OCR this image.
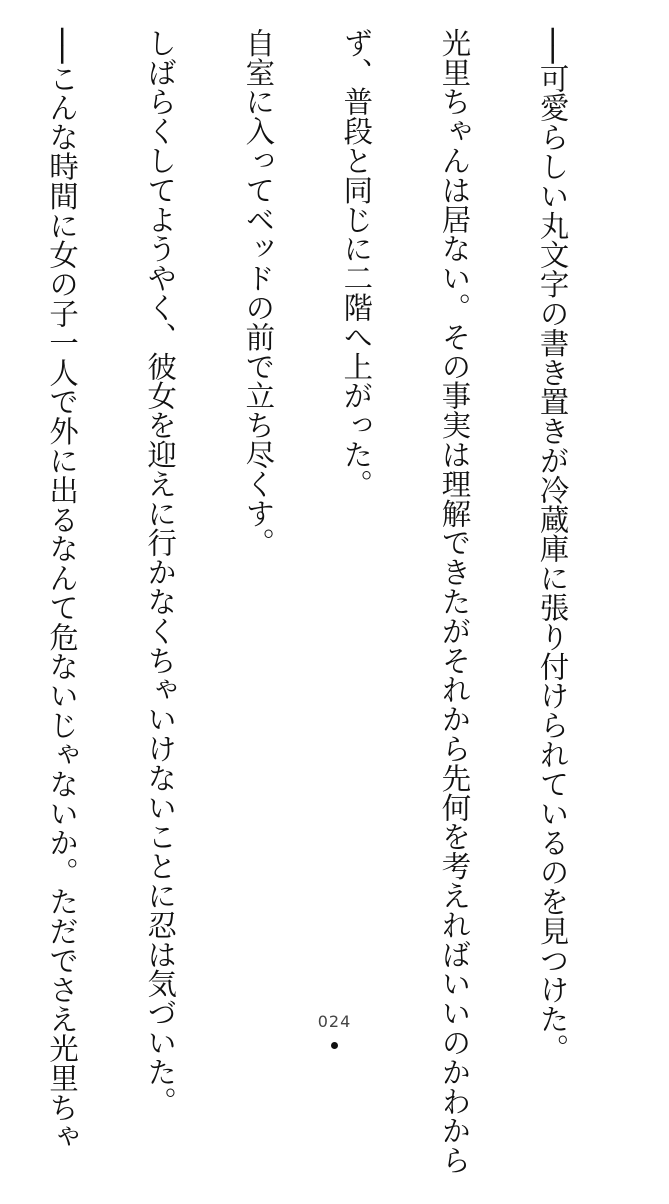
──可愛らしい丸文字の書き置きが冷蔵庫に張り付けられているのを見つけた。

光里ちゃんは居ない。その事実は理解できたがそれから先何を考えればいいのかわから

ず、普段と同じに二階へ上がった。

自室に入ってベッドの前で立ち尽くす。

しばらくしてようやく、彼女を迎えに行かなくちゃいけないことに忍は気づいた。

──こんな時間に女の子一人で外に出るなんて危ないじゃないか。ただでさえ光里ちゃ

	024
